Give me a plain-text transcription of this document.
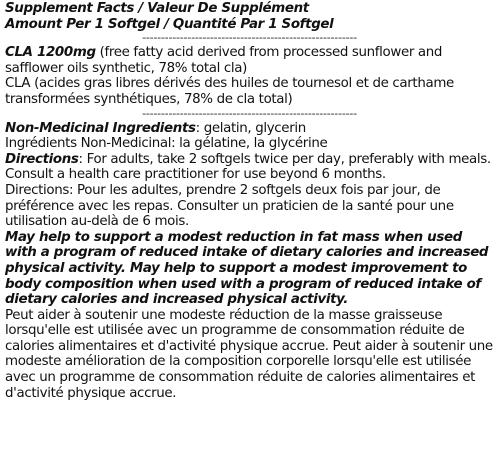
Supplement Facts / Valeur De Supplément

Amount Per 1 Softgel / Quantité Par 1 Softgel

---------------------------------------------------------

CLA 1200mg (free fatty acid derived from processed sunflower and safflower oils synthetic, 78% total cla)

CLA (acides gras libres dérivés des huiles de tournesol et de carthame transformées synthétiques, 78% de cla total)

---------------------------------------------------------

Non-Medicinal Ingredients: gelatin, glycerin

Ingrédients Non-Medicinal: la gélatine, la glycérine

Directions: For adults, take 2 softgels twice per day, preferably with meals. Consult a health care practitioner for use beyond 6 months.

Directions: Pour les adultes, prendre 2 softgels deux fois par jour, de préférence avec les repas. Consulter un praticien de la santé pour une utilisation au-delà de 6 mois.

May help to support a modest reduction in fat mass when used with a program of reduced intake of dietary calories and increased physical activity. May help to support a modest improvement to body composition when used with a program of reduced intake of dietary calories and increased physical activity.

Peut aider à soutenir une modeste réduction de la masse graisseuse lorsqu'elle est utilisée avec un programme de consommation réduite de calories alimentaires et d'activité physique accrue. Peut aider à soutenir une modeste amélioration de la composition corporelle lorsqu'elle est utilisée avec un programme de consommation réduite de calories alimentaires et d'activité physique accrue.
